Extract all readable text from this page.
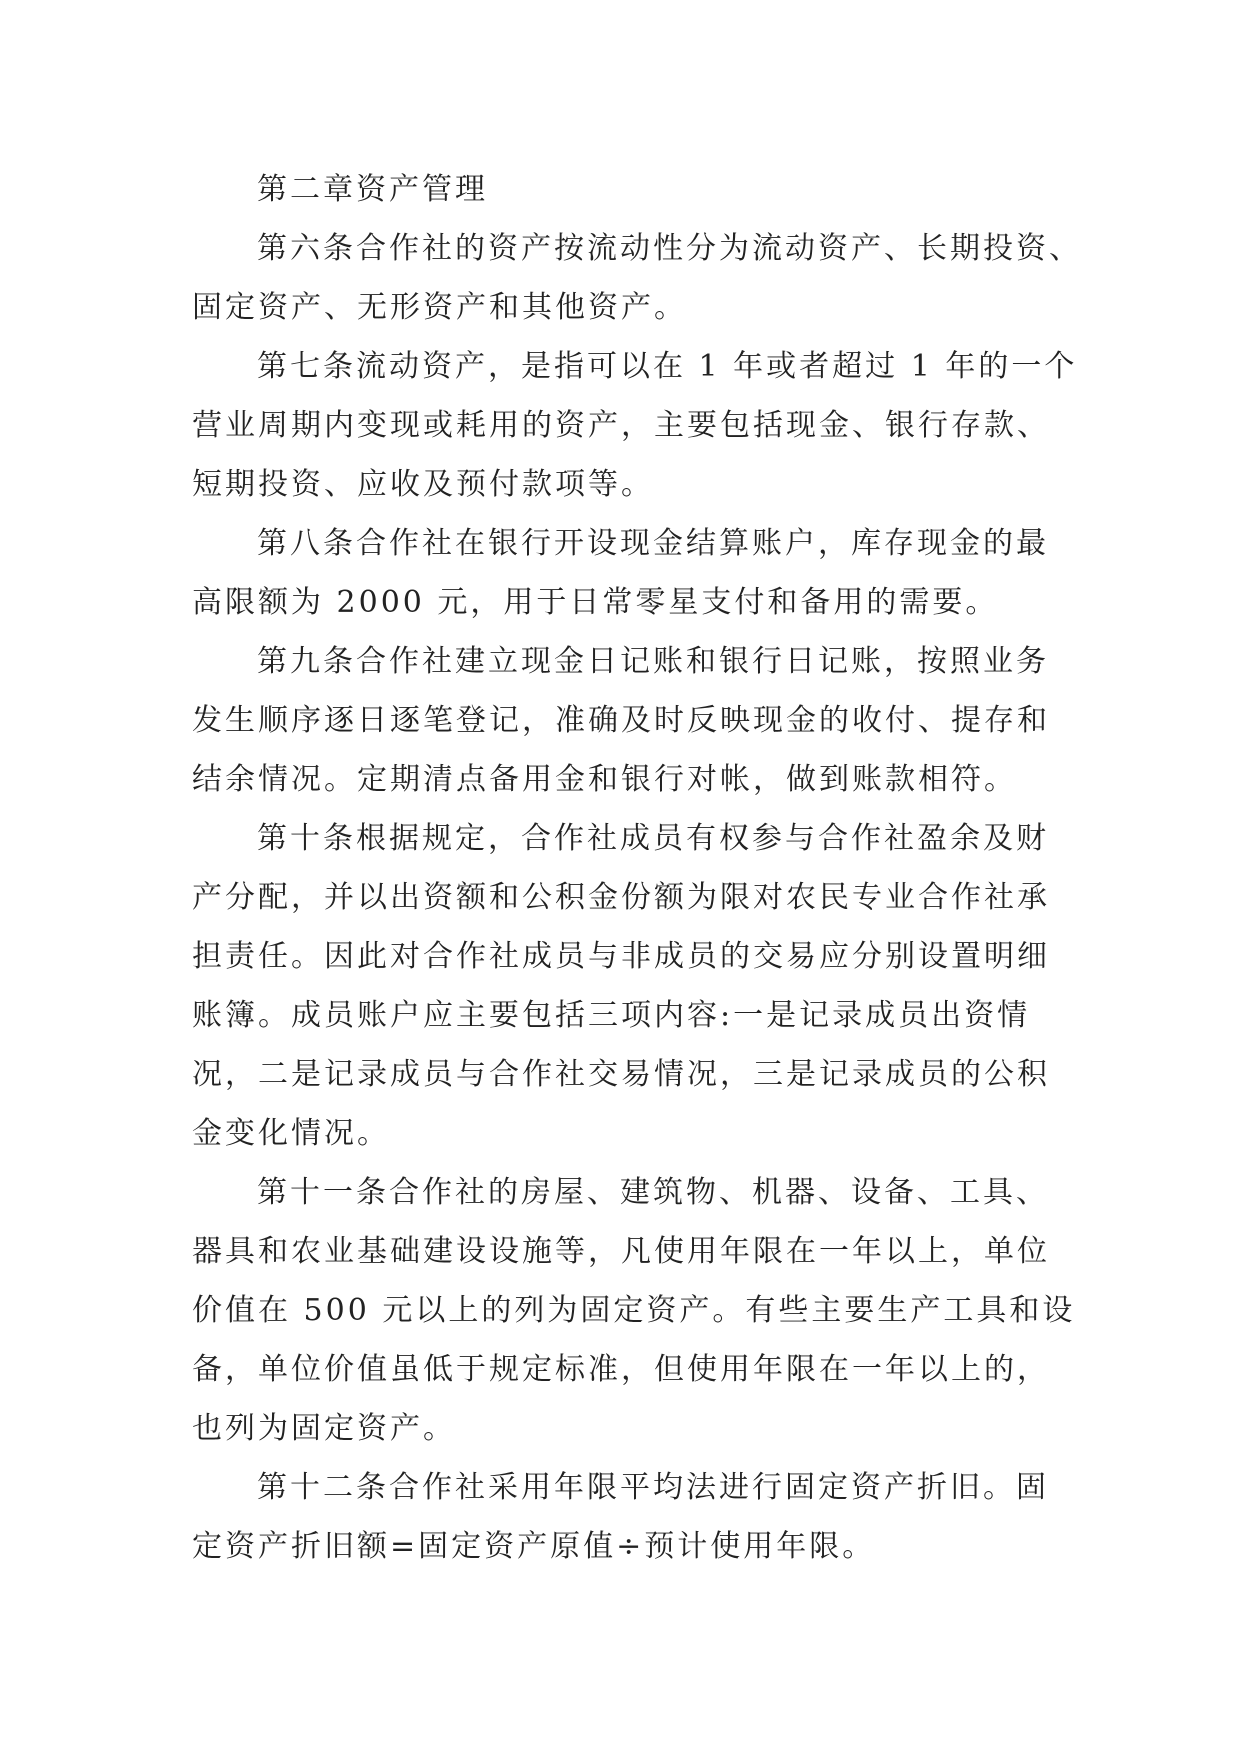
第二章资产管理
第六条合作社的资产按流动性分为流动资产、长期投资、
固定资产、无形资产和其他资产。
第七条流动资产，是指可以在 1 年或者超过 1 年的一个
营业周期内变现或耗用的资产，主要包括现金、银行存款、
短期投资、应收及预付款项等。
第八条合作社在银行开设现金结算账户，库存现金的最
高限额为 2000 元，用于日常零星支付和备用的需要。
第九条合作社建立现金日记账和银行日记账，按照业务
发生顺序逐日逐笔登记，准确及时反映现金的收付、提存和
结余情况。定期清点备用金和银行对帐，做到账款相符。
第十条根据规定，合作社成员有权参与合作社盈余及财
产分配，并以出资额和公积金份额为限对农民专业合作社承
担责任。因此对合作社成员与非成员的交易应分别设置明细
账簿。成员账户应主要包括三项内容:一是记录成员出资情
况，二是记录成员与合作社交易情况，三是记录成员的公积
金变化情况。
第十一条合作社的房屋、建筑物、机器、设备、工具、
器具和农业基础建设设施等，凡使用年限在一年以上，单位
价值在 500 元以上的列为固定资产。有些主要生产工具和设
备，单位价值虽低于规定标准，但使用年限在一年以上的，
也列为固定资产。
第十二条合作社采用年限平均法进行固定资产折旧。固
定资产折旧额=固定资产原值÷预计使用年限。
